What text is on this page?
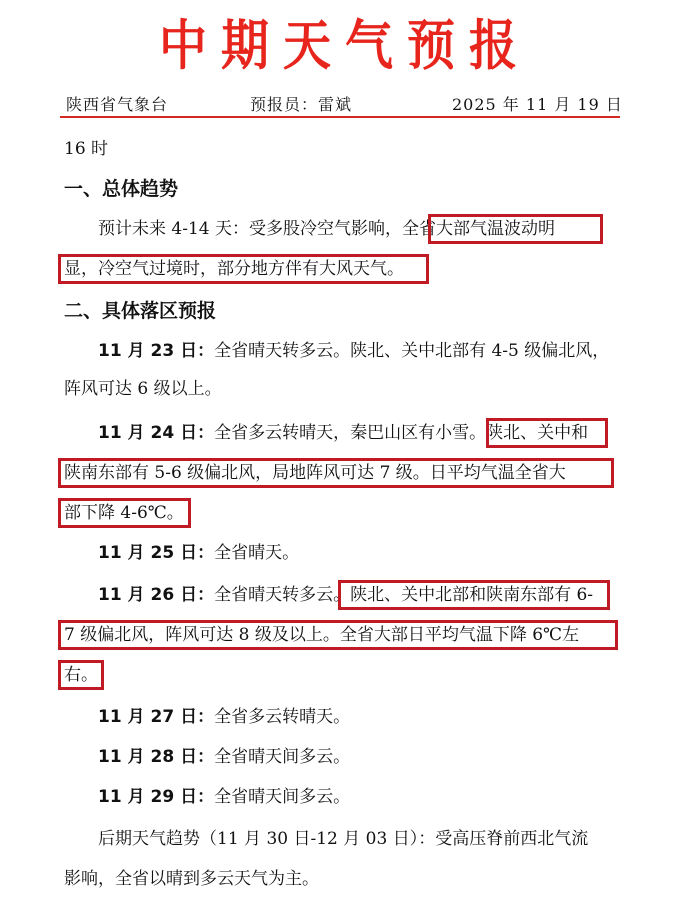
中期天气预报
陕西省气象台	预报员：雷斌	2025 年 11 月 19 日
16 时
一、总体趋势
预计未来 4-14 天：受多股冷空气影响，全省大部气温波动明
显，冷空气过境时，部分地方伴有大风天气。
二、具体落区预报
11 月 23 日：全省晴天转多云。陕北、关中北部有 4-5 级偏北风，
阵风可达 6 级以上。
11 月 24 日：全省多云转晴天，秦巴山区有小雪。陕北、关中和
陕南东部有 5-6 级偏北风，局地阵风可达 7 级。日平均气温全省大
部下降 4-6℃。
11 月 25 日：全省晴天。
11 月 26 日：全省晴天转多云。陕北、关中北部和陕南东部有 6-
7 级偏北风，阵风可达 8 级及以上。全省大部日平均气温下降 6℃左
右。
11 月 27 日：全省多云转晴天。
11 月 28 日：全省晴天间多云。
11 月 29 日：全省晴天间多云。
后期天气趋势（11 月 30 日-12 月 03 日）：受高压脊前西北气流
影响，全省以晴到多云天气为主。
